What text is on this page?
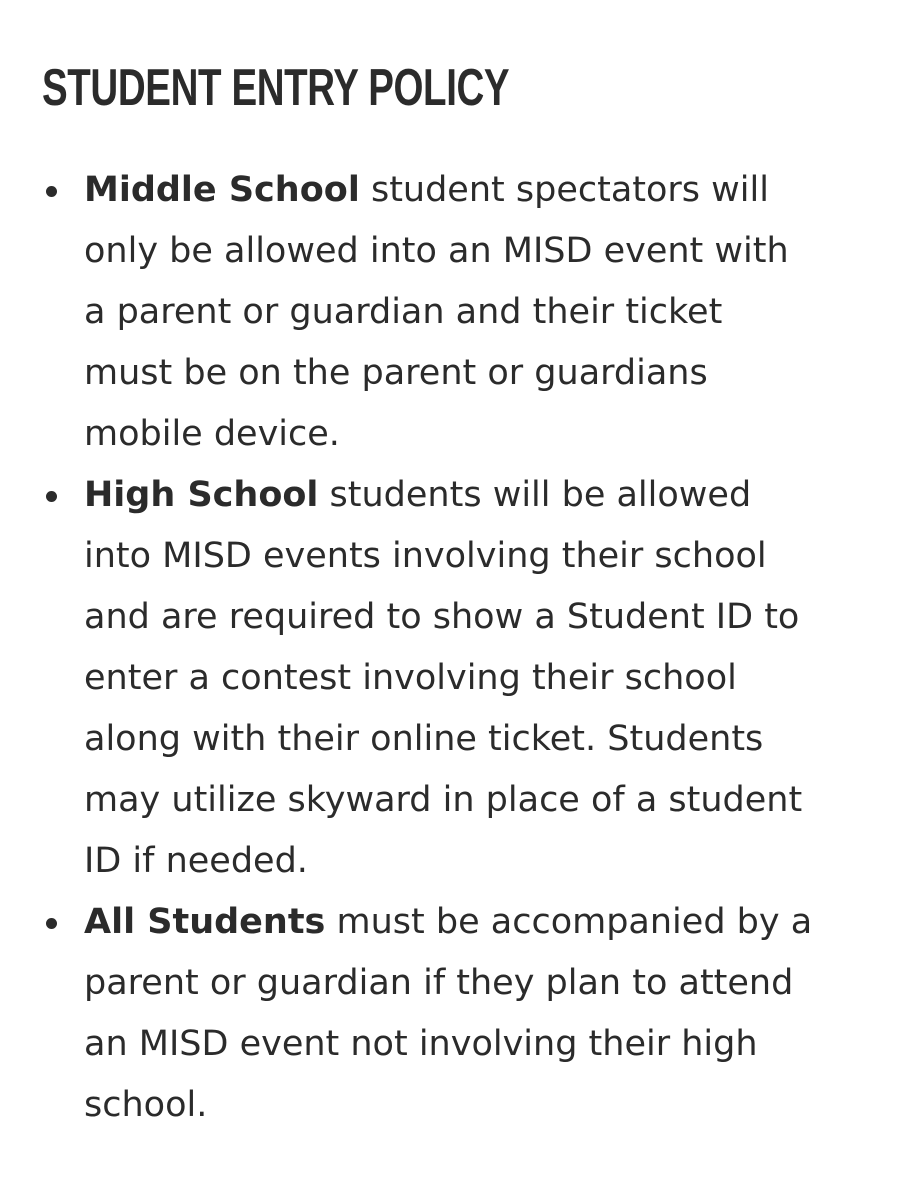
STUDENT ENTRY POLICY
Middle School student spectators will
only be allowed into an MISD event with
a parent or guardian and their ticket
must be on the parent or guardians
mobile device.
High School students will be allowed
into MISD events involving their school
and are required to show a Student ID to
enter a contest involving their school
along with their online ticket. Students
may utilize skyward in place of a student
ID if needed.
All Students must be accompanied by a
parent or guardian if they plan to attend
an MISD event not involving their high
school.
